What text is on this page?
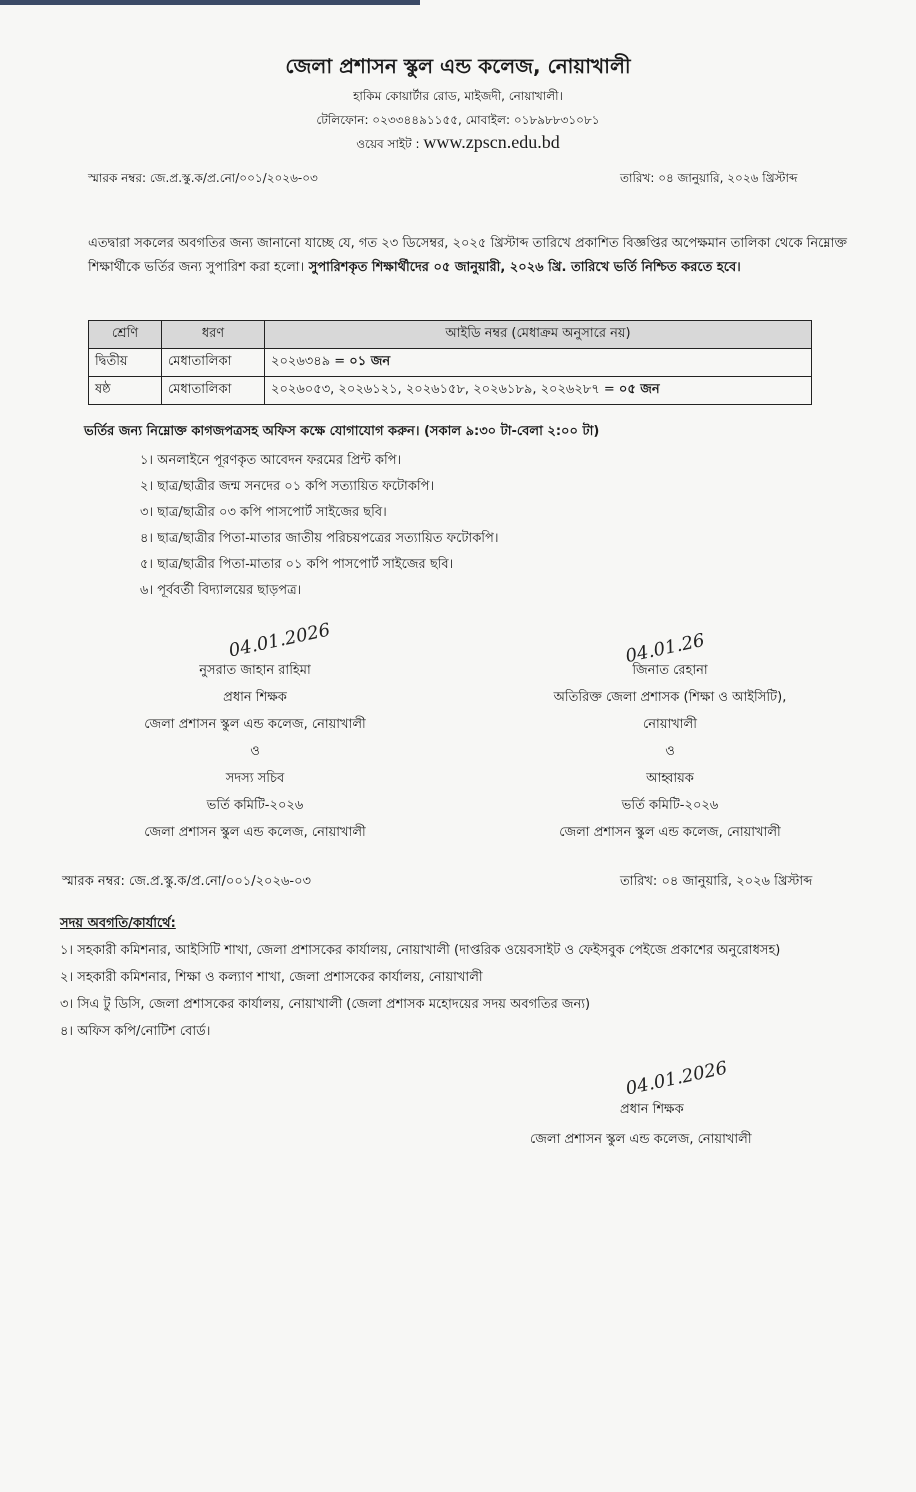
জেলা প্রশাসন স্কুল এন্ড কলেজ, নোয়াখালী
হাকিম কোয়ার্টার রোড, মাইজদী, নোয়াখালী।
টেলিফোন: ০২৩৩৪৪৯১১৫৫, মোবাইল: ০১৮৯৮৮৩১০৮১
ওয়েব সাইট : www.zpscn.edu.bd
স্মারক নম্বর: জে.প্র.স্কু.ক/প্র.নো/০০১/২০২৬-০৩	তারিখ: ০৪ জানুয়ারি, ২০২৬ খ্রিস্টাব্দ
এতদ্বারা সকলের অবগতির জন্য জানানো যাচ্ছে যে, গত ২৩ ডিসেম্বর, ২০২৫ খ্রিস্টাব্দ তারিখে প্রকাশিত বিজ্ঞপ্তির অপেক্ষমান তালিকা থেকে নিম্নোক্ত শিক্ষার্থীকে ভর্তির জন্য সুপারিশ করা হলো। সুপারিশকৃত শিক্ষার্থীদের ০৫ জানুয়ারী, ২০২৬ খ্রি. তারিখে ভর্তি নিশ্চিত করতে হবে।
শ্রেণি	ধরণ	আইডি নম্বর (মেধাক্রম অনুসারে নয়)
দ্বিতীয়	মেধাতালিকা	২০২৬৩৪৯ = ০১ জন
ষষ্ঠ	মেধাতালিকা	২০২৬০৫৩, ২০২৬১২১, ২০২৬১৫৮, ২০২৬১৮৯, ২০২৬২৮৭ = ০৫ জন
ভর্তির জন্য নিম্নোক্ত কাগজপত্রসহ অফিস কক্ষে যোগাযোগ করুন। (সকাল ৯:৩০ টা-বেলা ২:০০ টা)
১। অনলাইনে পূরণকৃত আবেদন ফরমের প্রিন্ট কপি।
২। ছাত্র/ছাত্রীর জন্ম সনদের ০১ কপি সত্যায়িত ফটোকপি।
৩। ছাত্র/ছাত্রীর ০৩ কপি পাসপোর্ট সাইজের ছবি।
৪। ছাত্র/ছাত্রীর পিতা-মাতার জাতীয় পরিচয়পত্রের সত্যায়িত ফটোকপি।
৫। ছাত্র/ছাত্রীর পিতা-মাতার ০১ কপি পাসপোর্ট সাইজের ছবি।
৬। পূর্ববর্তী বিদ্যালয়ের ছাড়পত্র।
04.01.2026
নুসরাত জাহান রাহিমা
প্রধান শিক্ষক
জেলা প্রশাসন স্কুল এন্ড কলেজ, নোয়াখালী
ও
সদস্য সচিব
ভর্তি কমিটি-২০২৬
জেলা প্রশাসন স্কুল এন্ড কলেজ, নোয়াখালী
04.01.26
জিনাত রেহানা
অতিরিক্ত জেলা প্রশাসক (শিক্ষা ও আইসিটি),
নোয়াখালী
ও
আহ্বায়ক
ভর্তি কমিটি-২০২৬
জেলা প্রশাসন স্কুল এন্ড কলেজ, নোয়াখালী
স্মারক নম্বর: জে.প্র.স্কু.ক/প্র.নো/০০১/২০২৬-০৩	তারিখ: ০৪ জানুয়ারি, ২০২৬ খ্রিস্টাব্দ
সদয় অবগতি/কার্যার্থে:
১। সহকারী কমিশনার, আইসিটি শাখা, জেলা প্রশাসকের কার্যালয়, নোয়াখালী (দাপ্তরিক ওয়েবসাইট ও ফেইসবুক পেইজে প্রকাশের অনুরোধসহ)
২। সহকারী কমিশনার, শিক্ষা ও কল্যাণ শাখা, জেলা প্রশাসকের কার্যালয়, নোয়াখালী
৩। সিএ টু ডিসি, জেলা প্রশাসকের কার্যালয়, নোয়াখালী (জেলা প্রশাসক মহোদয়ের সদয় অবগতির জন্য)
৪। অফিস কপি/নোটিশ বোর্ড।
04.01.2026
প্রধান শিক্ষক
জেলা প্রশাসন স্কুল এন্ড কলেজ, নোয়াখালী
